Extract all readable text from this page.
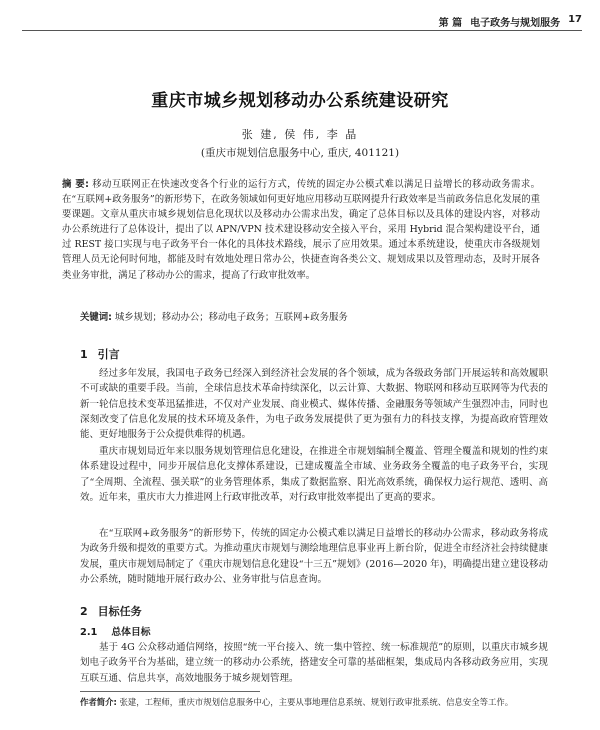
第 篇 电子政务与规划服务 17
重庆市城乡规划移动办公系统建设研究
张 建, 侯 伟, 李 晶
(重庆市规划信息服务中心, 重庆, 401121)
摘 要: 移动互联网正在快速改变各个行业的运行方式，传统的固定办公模式难以满足日益增长的移动政务需求。在“互联网+政务服务”的新形势下，在政务领域如何更好地应用移动互联网提升行政效率是当前政务信息化发展的重要课题。文章从重庆市城乡规划信息化现状以及移动办公需求出发，确定了总体目标以及具体的建设内容，对移动办公系统进行了总体设计，提出了以 APN/VPN 技术建设移动安全接入平台，采用 Hybrid 混合架构建设平台，通过 REST 接口实现与电子政务平台一体化的具体技术路线，展示了应用效果。通过本系统建设，使重庆市各级规划管理人员无论何时何地，都能及时有效地处理日常办公，快捷查询各类公文、规划成果以及管理动态，及时开展各类业务审批，满足了移动办公的需求，提高了行政审批效率。
关键词: 城乡规划；移动办公；移动电子政务；互联网+政务服务
1 引言
经过多年发展，我国电子政务已经深入到经济社会发展的各个领域，成为各级政务部门开展运转和高效履职不可或缺的重要手段。当前，全球信息技术革命持续深化，以云计算、大数据、物联网和移动互联网等为代表的新一轮信息技术变革迅猛推进，不仅对产业发展、商业模式、媒体传播、金融服务等领域产生强烈冲击，同时也深刻改变了信息化发展的技术环境及条件，为电子政务发展提供了更为强有力的科技支撑，为提高政府管理效能、更好地服务于公众提供难得的机遇。
重庆市规划局近年来以服务规划管理信息化建设，在推进全市规划编制全覆盖、管理全覆盖和规划的性约束体系建设过程中，同步开展信息化支撑体系建设，已建成覆盖全市域、业务政务全覆盖的电子政务平台，实现了“全周期、全流程、强关联”的业务管理体系，集成了数据监察、阳光高效系统，确保权力运行规范、透明、高效。近年来，重庆市大力推进网上行政审批改革，对行政审批效率提出了更高的要求。
在“互联网+政务服务”的新形势下，传统的固定办公模式难以满足日益增长的移动办公需求，移动政务将成为政务升级和提效的重要方式。为推动重庆市规划与测绘地理信息事业再上新台阶，促进全市经济社会持续健康发展，重庆市规划局制定了《重庆市规划信息化建设“十三五”规划》(2016—2020 年)，明确提出建立建设移动办公系统，随时随地开展行政办公、业务审批与信息查询。
2 目标任务
2.1 总体目标
基于 4G 公众移动通信网络，按照“统一平台接入、统一集中管控、统一标准规范”的原则，以重庆市城乡规划电子政务平台为基础，建立统一的移动办公系统，搭建安全可靠的基础框架，集成局内各移动政务应用，实现互联互通、信息共享，高效地服务于城乡规划管理。
作者简介: 张建，工程师，重庆市规划信息服务中心，主要从事地理信息系统、规划行政审批系统、信息安全等工作。
